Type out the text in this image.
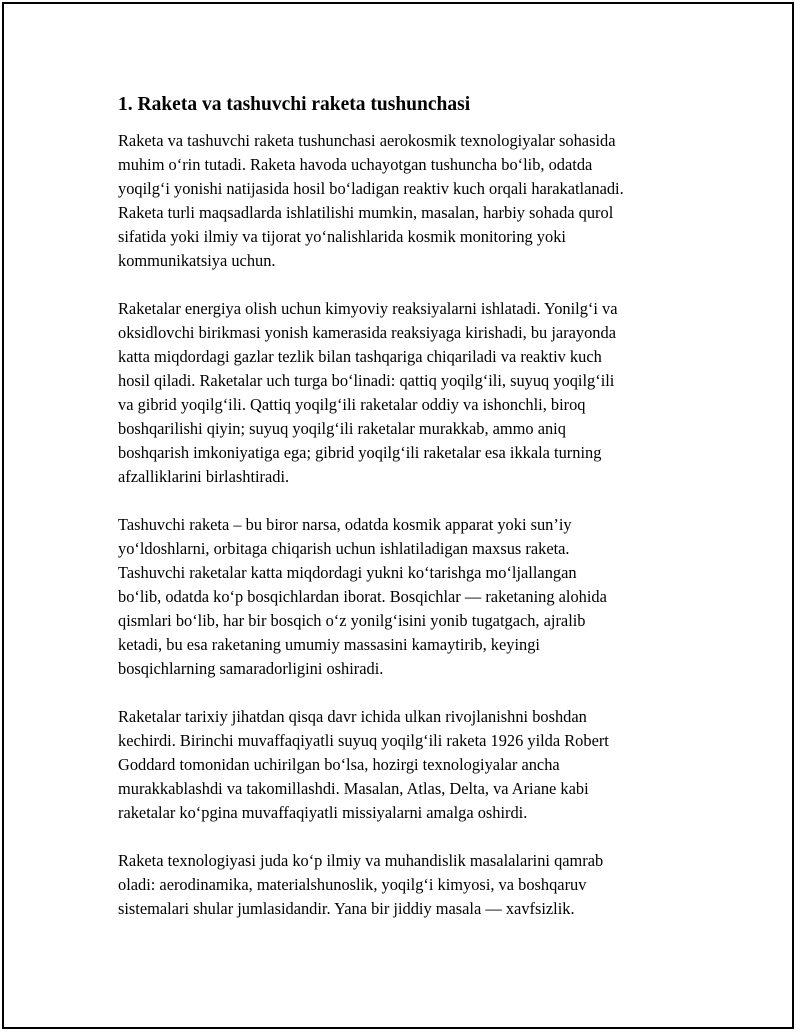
1. Raketa va tashuvchi raketa tushunchasi

Raketa va tashuvchi raketa tushunchasi aerokosmik texnologiyalar sohasida
muhim o‘rin tutadi. Raketa havoda uchayotgan tushuncha bo‘lib, odatda
yoqilg‘i yonishi natijasida hosil bo‘ladigan reaktiv kuch orqali harakatlanadi.
Raketa turli maqsadlarda ishlatilishi mumkin, masalan, harbiy sohada qurol
sifatida yoki ilmiy va tijorat yo‘nalishlarida kosmik monitoring yoki
kommunikatsiya uchun.

Raketalar energiya olish uchun kimyoviy reaksiyalarni ishlatadi. Yonilg‘i va
oksidlovchi birikmasi yonish kamerasida reaksiyaga kirishadi, bu jarayonda
katta miqdordagi gazlar tezlik bilan tashqariga chiqariladi va reaktiv kuch
hosil qiladi. Raketalar uch turga bo‘linadi: qattiq yoqilg‘ili, suyuq yoqilg‘ili
va gibrid yoqilg‘ili. Qattiq yoqilg‘ili raketalar oddiy va ishonchli, biroq
boshqarilishi qiyin; suyuq yoqilg‘ili raketalar murakkab, ammo aniq
boshqarish imkoniyatiga ega; gibrid yoqilg‘ili raketalar esa ikkala turning
afzalliklarini birlashtiradi.

Tashuvchi raketa – bu biror narsa, odatda kosmik apparat yoki sun’iy
yo‘ldoshlarni, orbitaga chiqarish uchun ishlatiladigan maxsus raketa.
Tashuvchi raketalar katta miqdordagi yukni ko‘tarishga mo‘ljallangan
bo‘lib, odatda ko‘p bosqichlardan iborat. Bosqichlar — raketaning alohida
qismlari bo‘lib, har bir bosqich o‘z yonilg‘isini yonib tugatgach, ajralib
ketadi, bu esa raketaning umumiy massasini kamaytirib, keyingi
bosqichlarning samaradorligini oshiradi.

Raketalar tarixiy jihatdan qisqa davr ichida ulkan rivojlanishni boshdan
kechirdi. Birinchi muvaffaqiyatli suyuq yoqilg‘ili raketa 1926 yilda Robert
Goddard tomonidan uchirilgan bo‘lsa, hozirgi texnologiyalar ancha
murakkablashdi va takomillashdi. Masalan, Atlas, Delta, va Ariane kabi
raketalar ko‘pgina muvaffaqiyatli missiyalarni amalga oshirdi.

Raketa texnologiyasi juda ko‘p ilmiy va muhandislik masalalarini qamrab
oladi: aerodinamika, materialshunoslik, yoqilg‘i kimyosi, va boshqaruv
sistemalari shular jumlasidandir. Yana bir jiddiy masala — xavfsizlik.
